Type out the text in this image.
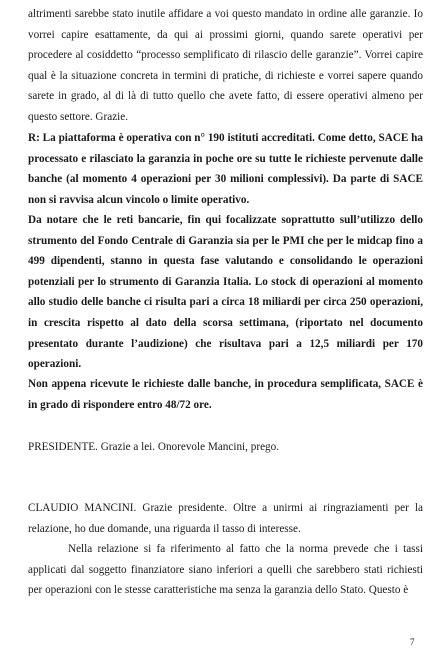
altrimenti sarebbe stato inutile affidare a voi questo mandato in ordine alle garanzie. Io vorrei capire esattamente, da qui ai prossimi giorni, quando sarete operativi per procedere al cosiddetto “processo semplificato di rilascio delle garanzie”. Vorrei capire qual è la situazione concreta in termini di pratiche, di richieste e vorrei sapere quando sarete in grado, al di là di tutto quello che avete fatto, di essere operativi almeno per questo settore. Grazie.

R: La piattaforma è operativa con n° 190 istituti accreditati. Come detto, SACE ha processato e rilasciato la garanzia in poche ore su tutte le richieste pervenute dalle banche (al momento 4 operazioni per 30 milioni complessivi). Da parte di SACE non si ravvisa alcun vincolo o limite operativo.

Da notare che le reti bancarie, fin qui focalizzate soprattutto sull’utilizzo dello strumento del Fondo Centrale di Garanzia sia per le PMI che per le midcap fino a 499 dipendenti, stanno in questa fase valutando e consolidando le operazioni potenziali per lo strumento di Garanzia Italia. Lo stock di operazioni al momento allo studio delle banche ci risulta pari a circa 18 miliardi per circa 250 operazioni, in crescita rispetto al dato della scorsa settimana, (riportato nel documento presentato durante l’audizione) che risultava pari a 12,5 miliardi per 170 operazioni.

Non appena ricevute le richieste dalle banche, in procedura semplificata, SACE è in grado di rispondere entro 48/72 ore.

PRESIDENTE. Grazie a lei. Onorevole Mancini, prego.

CLAUDIO MANCINI. Grazie presidente. Oltre a unirmi ai ringraziamenti per la relazione, ho due domande, una riguarda il tasso di interesse.

Nella relazione si fa riferimento al fatto che la norma prevede che i tassi applicati dal soggetto finanziatore siano inferiori a quelli che sarebbero stati richiesti per operazioni con le stesse caratteristiche ma senza la garanzia dello Stato. Questo è

7
